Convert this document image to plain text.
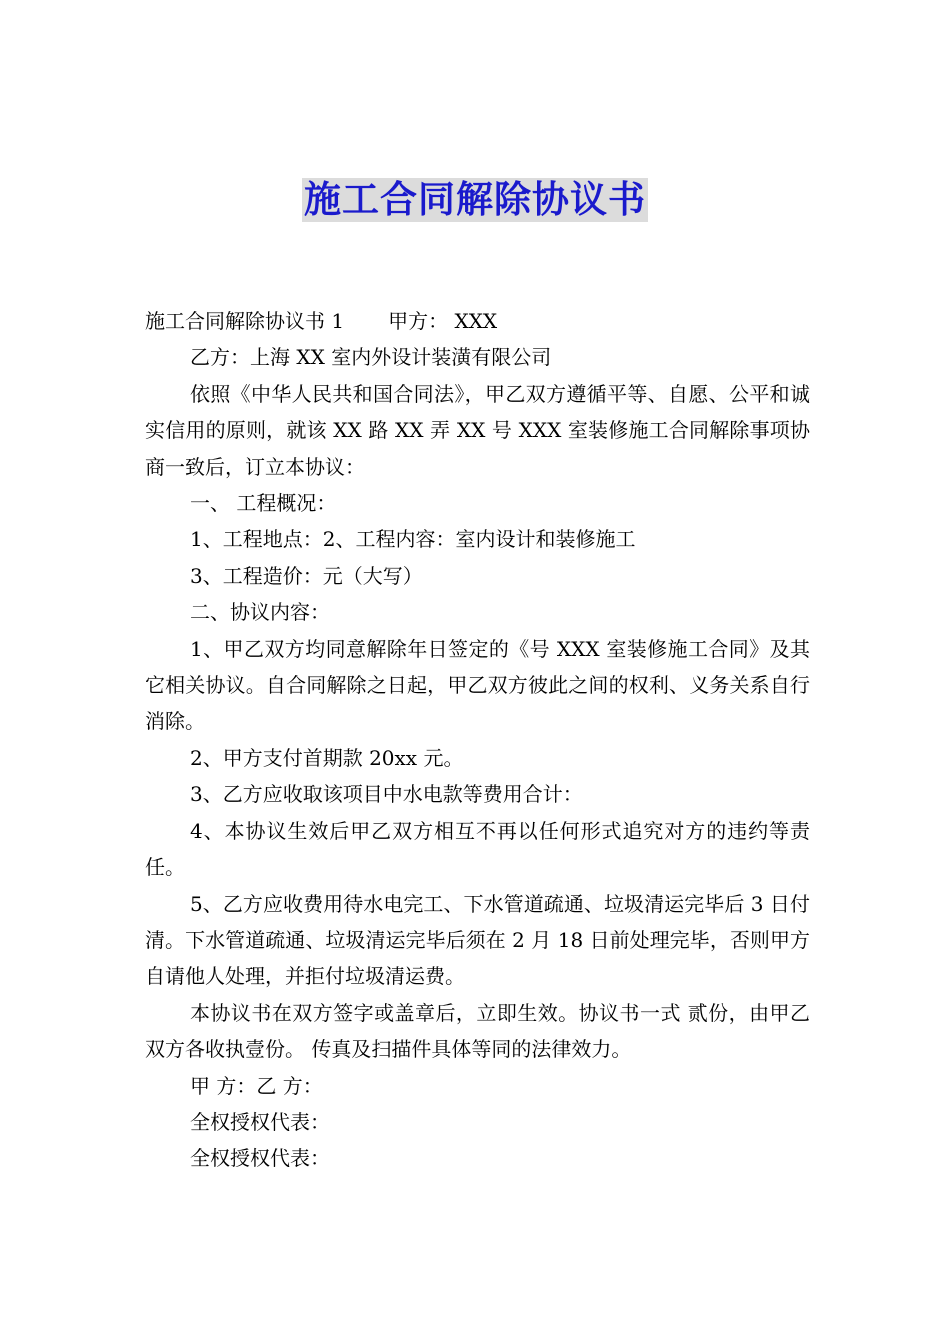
施工合同解除协议书

施工合同解除协议书 1 甲方： XXX

乙方：上海 XX 室内外设计装潢有限公司

依照《中华人民共和国合同法》，甲乙双方遵循平等、自愿、公平和诚实信用的原则，就该 XX 路 XX 弄 XX 号 XXX 室装修施工合同解除事项协商一致后，订立本协议：

一、 工程概况：

1、工程地点：2、工程内容：室内设计和装修施工

3、工程造价：元（大写）

二、协议内容：

1、甲乙双方均同意解除年日签定的《号 XXX 室装修施工合同》及其它相关协议。自合同解除之日起，甲乙双方彼此之间的权利、义务关系自行消除。

2、甲方支付首期款 20xx 元。

3、乙方应收取该项目中水电款等费用合计：

4、本协议生效后甲乙双方相互不再以任何形式追究对方的违约等责任。

5、乙方应收费用待水电完工、下水管道疏通、垃圾清运完毕后 3 日付清。下水管道疏通、垃圾清运完毕后须在 2 月 18 日前处理完毕，否则甲方自请他人处理，并拒付垃圾清运费。

本协议书在双方签字或盖章后，立即生效。协议书一式 贰份，由甲乙双方各收执壹份。 传真及扫描件具体等同的法律效力。

甲 方：乙 方：

全权授权代表：

全权授权代表：
